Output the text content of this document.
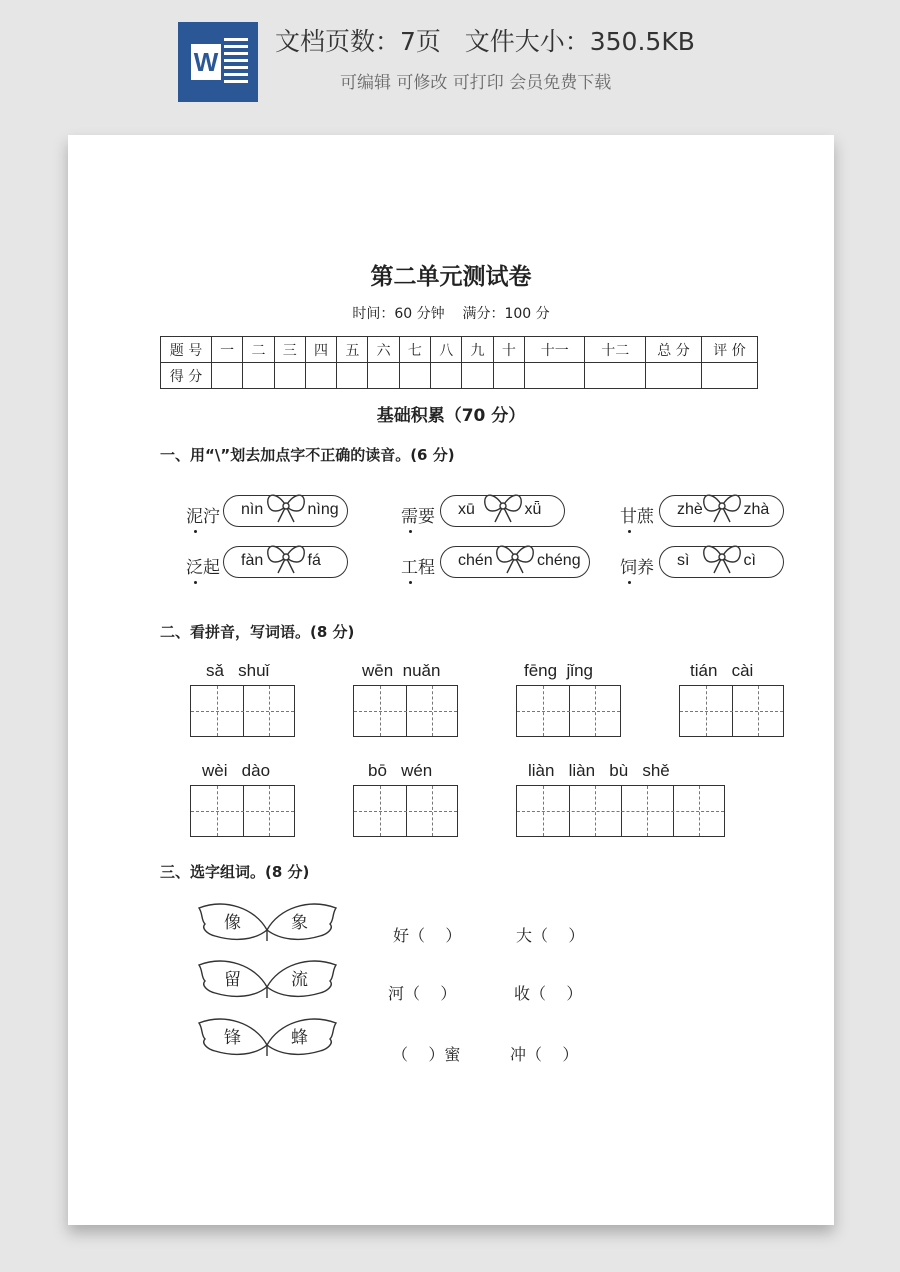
W
文档页数：7页   文件大小：350.5KB
可编辑 可修改 可打印 会员免费下载
第二单元测试卷
时间：60 分钟    满分：100 分
题 号	一	二	三	四	五	六	七	八	九	十	十一	十二	总 分	评 价
得 分														
基础积累（70 分）
一、用“\”划去加点字不正确的读音。(6 分)
二、看拼音，写词语。(8 分)
sǎ   shuǐ	wēn  nuǎn	fēng  jǐng	tián   cài
wèi   dào	bō   wén	liàn   liàn   bù   shě
三、选字组词。(8 分)
好（    ）	大（    ）
河（    ）	收（    ）
（    ）蜜	冲（    ）
泥泞 nìn	nìng	需要 xū	xǖ	甘蔗 zhè	zhà
泛起 fàn	fá	工程 chén	chéng 饲养 sì	cì
像	象
留	流
锋	蜂
